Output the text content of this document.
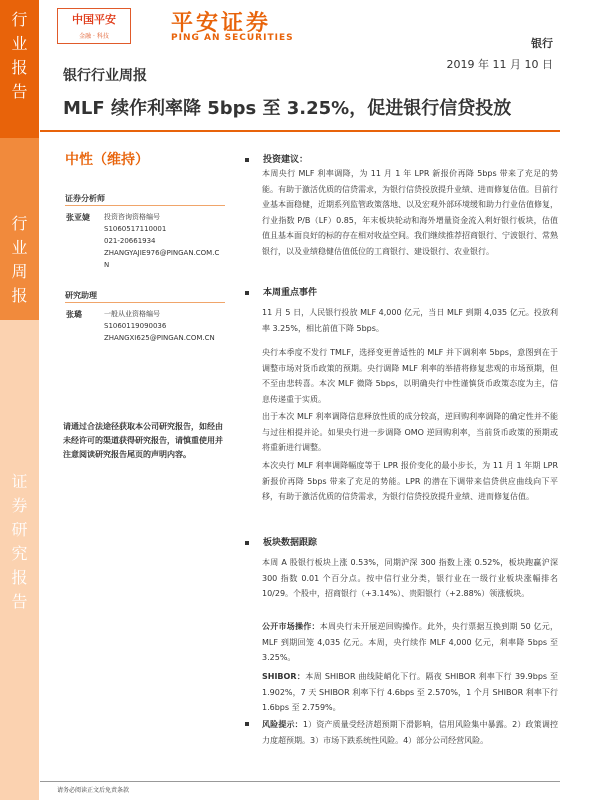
行
业
报
告
行
业
周
报
证
券
研
究
报
告
中国平安
金融 · 科技
平安证券
PING AN SECURITIES	银行
银行行业周报
2019 年 11 月 10 日
MLF 续作利率降 5bps 至 3.25%，促进银行信贷投放
中性（维持）
证券分析师
张亚婕 投资咨询资格编号
S1060517110001
021-20661934
ZHANGYAJIE976@PINGAN.COM.C
N
研究助理
张璐	一般从业资格编号
S1060119090036
ZHANGXI625@PINGAN.COM.CN
请通过合法途径获取本公司研究报告，如经由未经许可的渠道获得研究报告，请慎重使用并注意阅读研究报告尾页的声明内容。
投资建议：
本周央行 MLF 利率调降，为 11 月 1 年 LPR 新报价再降 5bps 带来了充足的势能。有助于激活优质的信贷需求，为银行信贷投放提升业绩、进而修复估值。目前行业基本面稳健，近期系列监管政策落地、以及宏观外部环境缓和助力行业估值修复，行业指数 P/B（LF）0.85，年末板块轮动和海外增量资金流入利好银行板块，估值值且基本面良好的标的存在相对收益空间。我们继续推荐招商银行、宁波银行、常熟银行，以及业绩稳健估值低位的工商银行、建设银行、农业银行。
本周重点事件
11 月 5 日，人民银行投放 MLF 4,000 亿元，当日 MLF 到期 4,035 亿元。投放利率 3.25%，相比前值下降 5bps。
央行本季度不发行 TMLF，选择变更普适性的 MLF 并下调利率 5bps，意图到在于调整市场对货币政策的预期。央行调降 MLF 利率的举措将修复悲观的市场预期，但不至由悲转喜。本次 MLF 微降 5bps，以明确央行中性谨慎货币政策态度为主，信息传递重于实质。
出于本次 MLF 利率调降信息释放性质的成分较高，逆回购利率调降的确定性并不能与过往相提并论。如果央行进一步调降 OMO 逆回购利率，当前货币政策的预期或将重新进行调整。
本次央行 MLF 利率调降幅度等于 LPR 报价变化的最小步长，为 11 月 1 年期 LPR 新报价再降 5bps 带来了充足的势能。LPR 的潜在下调带来信贷供应曲线向下平移，有助于激活优质的信贷需求，为银行信贷投放提升业绩、进而修复估值。
板块数据跟踪
本周 A 股银行板块上涨 0.53%，同期沪深 300 指数上涨 0.52%，板块跑赢沪深 300 指数 0.01 个百分点。按中信行业分类，银行业在一级行业板块涨幅排名 10/29。个股中，招商银行（+3.14%）、贵阳银行（+2.88%）领涨板块。
公开市场操作：本周央行未开展逆回购操作。此外，央行票据互换到期 50 亿元，MLF 到期回笼 4,035 亿元。本周，央行续作 MLF 4,000 亿元，利率降 5bps 至 3.25%。
SHIBOR：本周 SHIBOR 曲线陡峭化下行。隔夜 SHIBOR 利率下行 39.9bps 至 1.902%，7 天 SHIBOR 利率下行 4.6bps 至 2.570%，1 个月 SHIBOR 利率下行 1.6bps 至 2.759%。
风险提示：1）资产质量受经济超预期下滑影响，信用风险集中暴露。2）政策调控力度超预期。3）市场下跌系统性风险。4）部分公司经营风险。
请务必阅读正文后免责条款
